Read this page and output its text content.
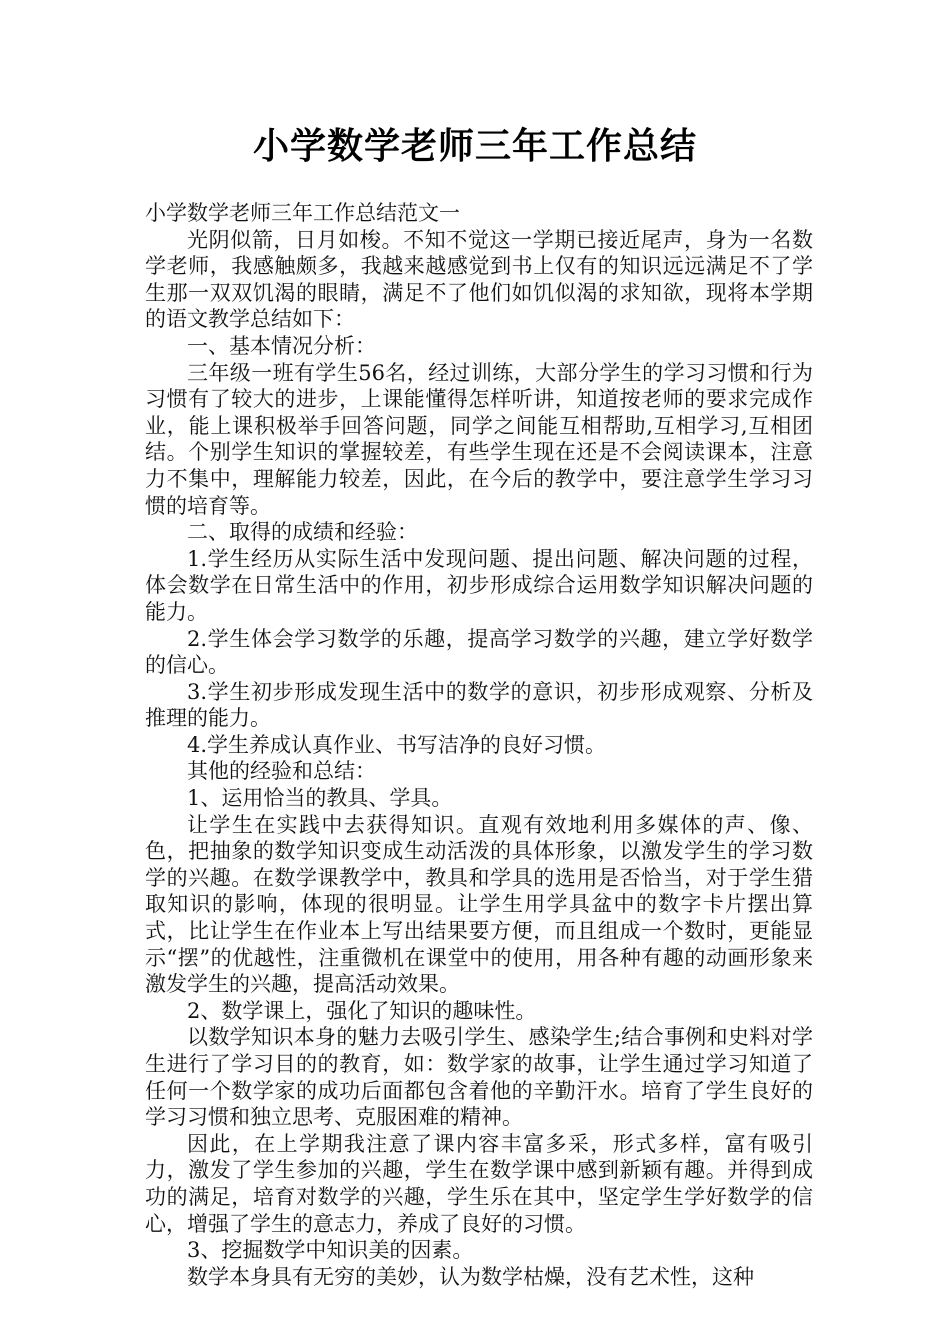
小学数学老师三年工作总结

小学数学老师三年工作总结范文一

光阴似箭，日月如梭。不知不觉这一学期已接近尾声，身为一名数学老师，我感触颇多，我越来越感觉到书上仅有的知识远远满足不了学生那一双双饥渴的眼睛，满足不了他们如饥似渴的求知欲，现将本学期的语文教学总结如下：

一、基本情况分析：

三年级一班有学生56名，经过训练，大部分学生的学习习惯和行为习惯有了较大的进步，上课能懂得怎样听讲，知道按老师的要求完成作业，能上课积极举手回答问题，同学之间能互相帮助,互相学习,互相团结。个别学生知识的掌握较差，有些学生现在还是不会阅读课本，注意力不集中，理解能力较差，因此，在今后的教学中，要注意学生学习习惯的培育等。

二、取得的成绩和经验：

1.学生经历从实际生活中发现问题、提出问题、解决问题的过程，体会数学在日常生活中的作用，初步形成综合运用数学知识解决问题的能力。

2.学生体会学习数学的乐趣，提高学习数学的兴趣，建立学好数学的信心。

3.学生初步形成发现生活中的数学的意识，初步形成观察、分析及推理的能力。

4.学生养成认真作业、书写洁净的良好习惯。

其他的经验和总结：

1、运用恰当的教具、学具。

让学生在实践中去获得知识。直观有效地利用多媒体的声、像、色，把抽象的数学知识变成生动活泼的具体形象，以激发学生的学习数学的兴趣。在数学课教学中，教具和学具的选用是否恰当，对于学生猎取知识的影响，体现的很明显。让学生用学具盆中的数字卡片摆出算式，比让学生在作业本上写出结果要方便，而且组成一个数时，更能显示“摆”的优越性，注重微机在课堂中的使用，用各种有趣的动画形象来激发学生的兴趣，提高活动效果。

2、数学课上，强化了知识的趣味性。

以数学知识本身的魅力去吸引学生、感染学生;结合事例和史料对学生进行了学习目的的教育，如：数学家的故事，让学生通过学习知道了任何一个数学家的成功后面都包含着他的辛勤汗水。培育了学生良好的学习习惯和独立思考、克服困难的精神。

因此，在上学期我注意了课内容丰富多采，形式多样，富有吸引力，激发了学生参加的兴趣，学生在数学课中感到新颖有趣。并得到成功的满足，培育对数学的兴趣，学生乐在其中，坚定学生学好数学的信心，增强了学生的意志力，养成了良好的习惯。

3、挖掘数学中知识美的因素。

数学本身具有无穷的美妙，认为数学枯燥，没有艺术性，这种
